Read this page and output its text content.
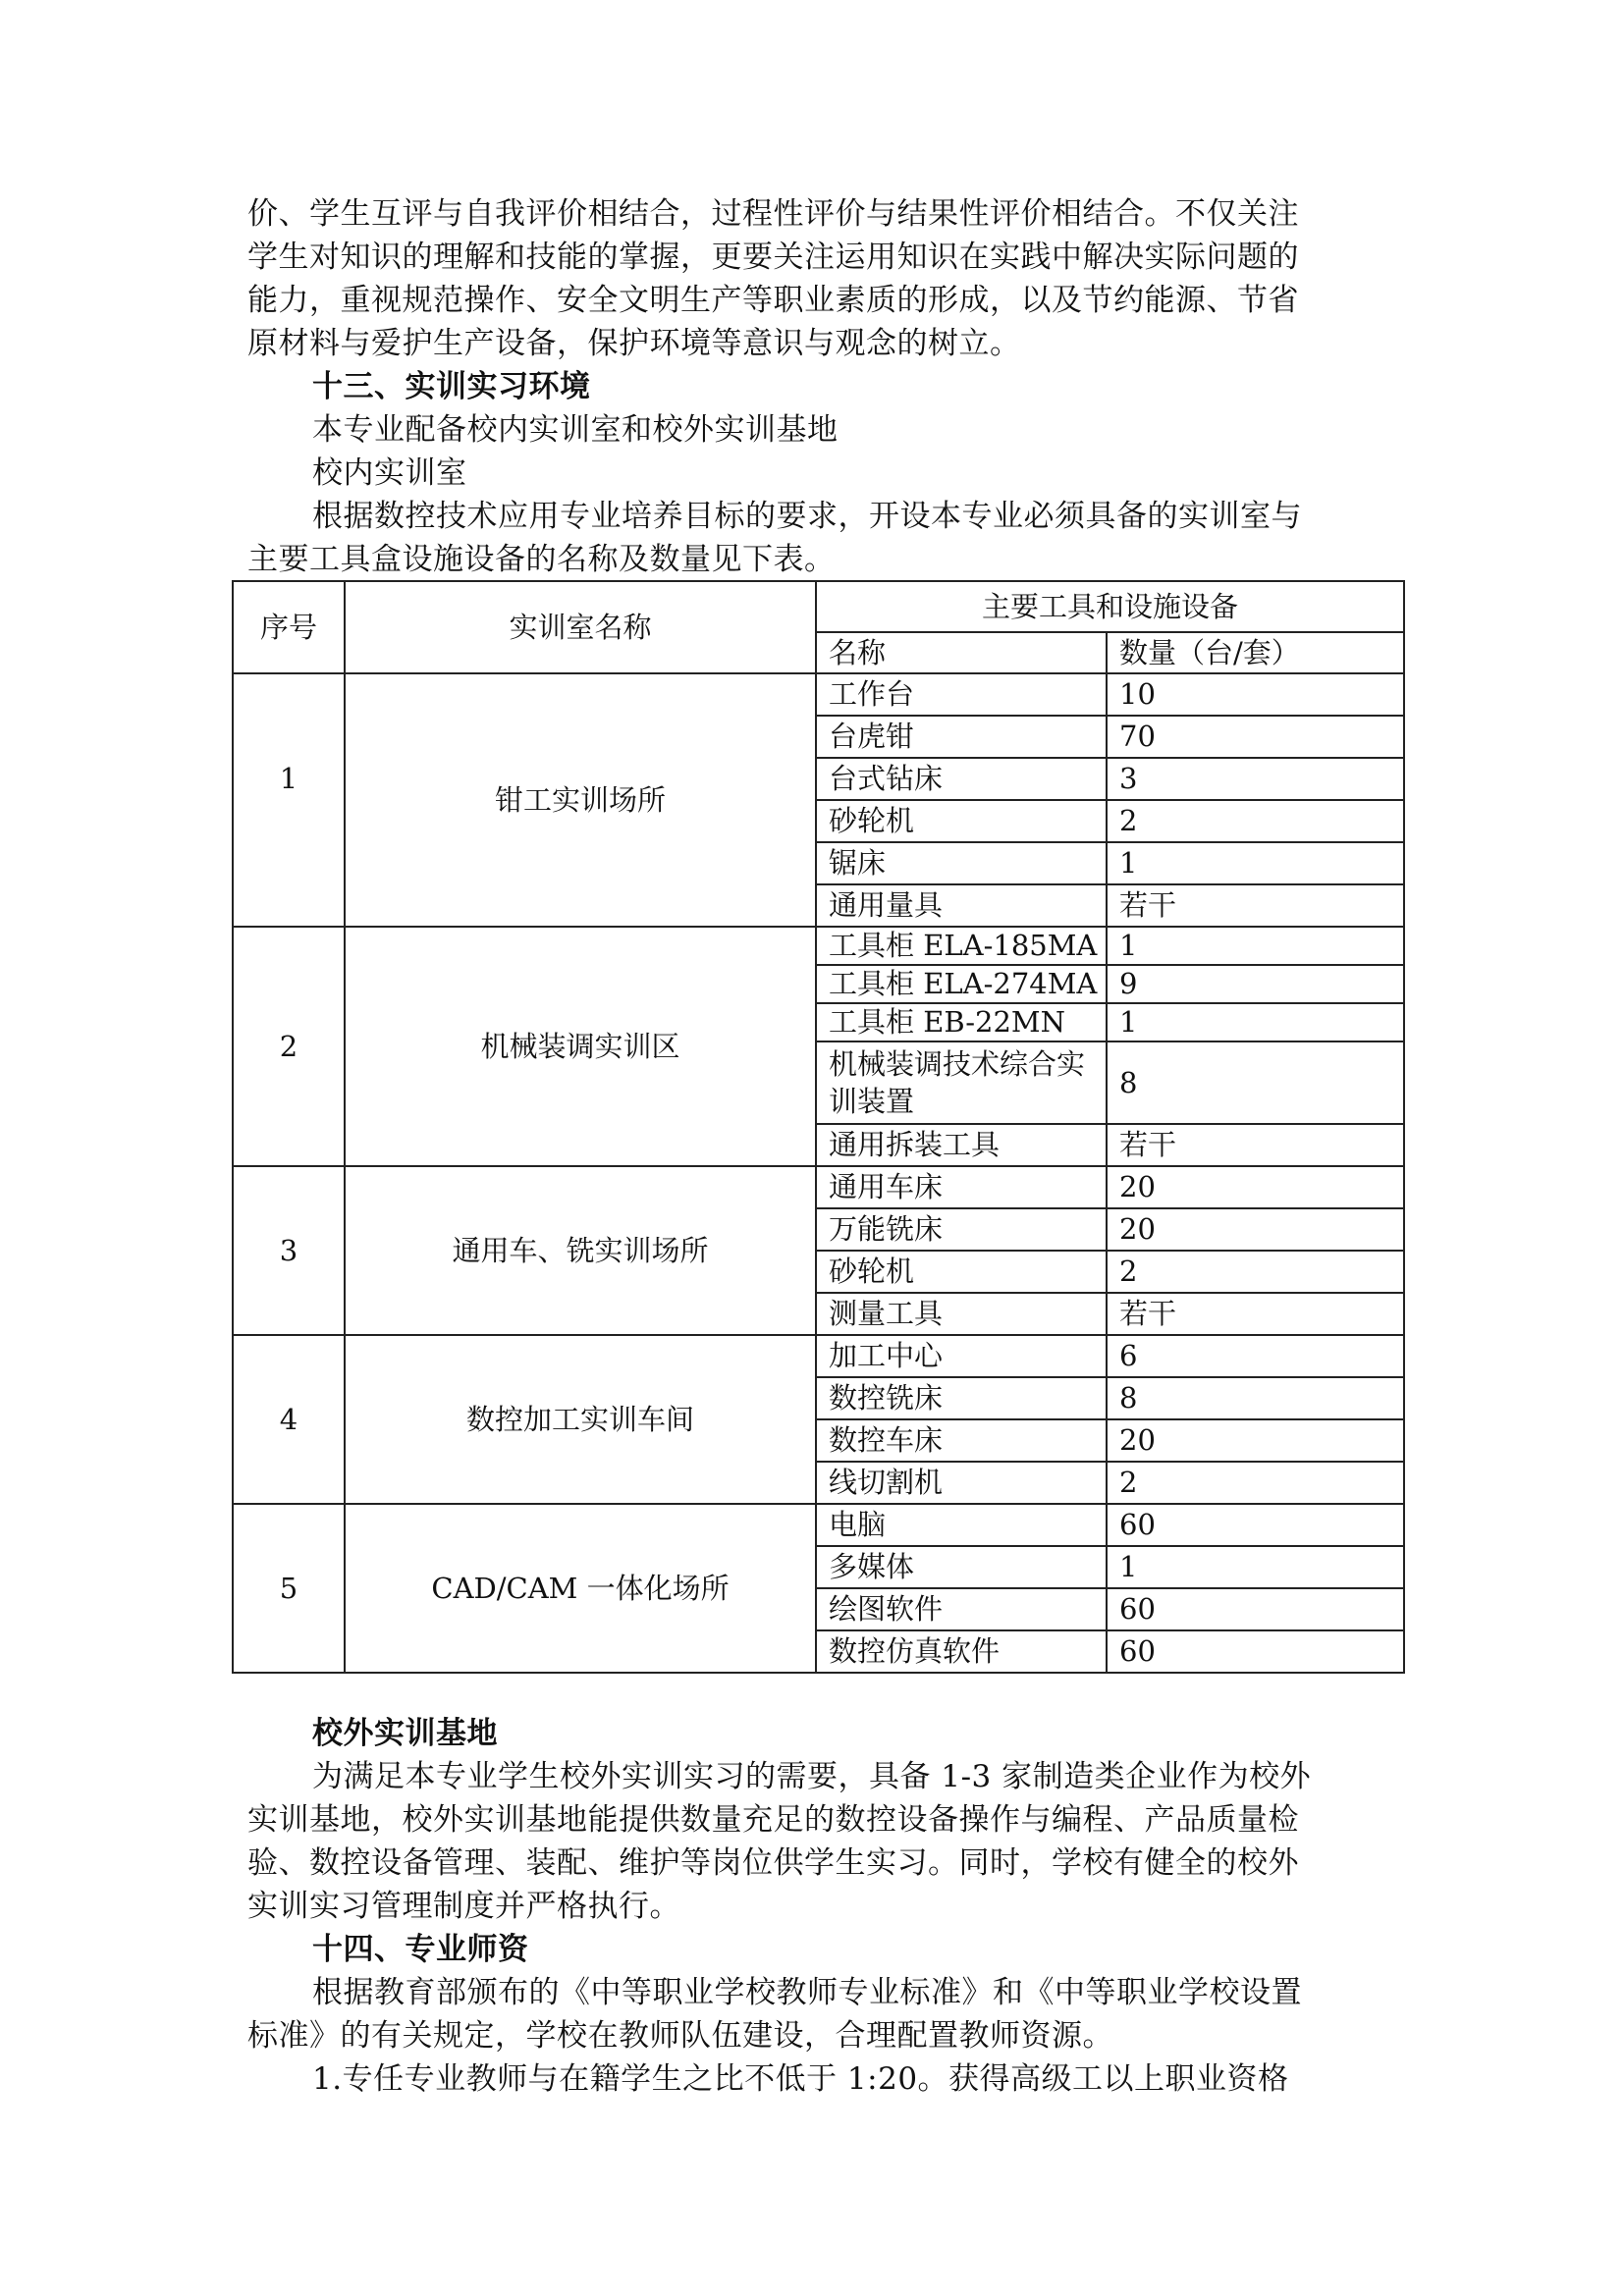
价、学生互评与自我评价相结合，过程性评价与结果性评价相结合。不仅关注
学生对知识的理解和技能的掌握，更要关注运用知识在实践中解决实际问题的
能力，重视规范操作、安全文明生产等职业素质的形成，以及节约能源、节省
原材料与爱护生产设备，保护环境等意识与观念的树立。
十三、实训实习环境
本专业配备校内实训室和校外实训基地
校内实训室
根据数控技术应用专业培养目标的要求，开设本专业必须具备的实训室与
主要工具盒设施设备的名称及数量见下表。
序号	实训室名称	主要工具和设施设备	
		名称	数量（台/套）
1	钳工实训场所	工作台	10
		台虎钳	70
		台式钻床	3
		砂轮机	2
		锯床	1
		通用量具	若干
2	机械装调实训区	工具柜 ELA-185MA	1
		工具柜 ELA-274MA	9
		工具柜 EB-22MN	1
		机械装调技术综合实训装置	8
		通用拆装工具	若干
3	通用车、铣实训场所	通用车床	20
		万能铣床	20
		砂轮机	2
		测量工具	若干
4	数控加工实训车间	加工中心	6
		数控铣床	8
		数控车床	20
		线切割机	2
5	CAD/CAM 一体化场所	电脑	60
		多媒体	1
		绘图软件	60
		数控仿真软件	60
校外实训基地
为满足本专业学生校外实训实习的需要，具备 1-3 家制造类企业作为校外
实训基地，校外实训基地能提供数量充足的数控设备操作与编程、产品质量检
验、数控设备管理、装配、维护等岗位供学生实习。同时，学校有健全的校外
实训实习管理制度并严格执行。
十四、专业师资
根据教育部颁布的《中等职业学校教师专业标准》和《中等职业学校设置
标准》的有关规定，学校在教师队伍建设，合理配置教师资源。
1.专任专业教师与在籍学生之比不低于 1:20。获得高级工以上职业资格
